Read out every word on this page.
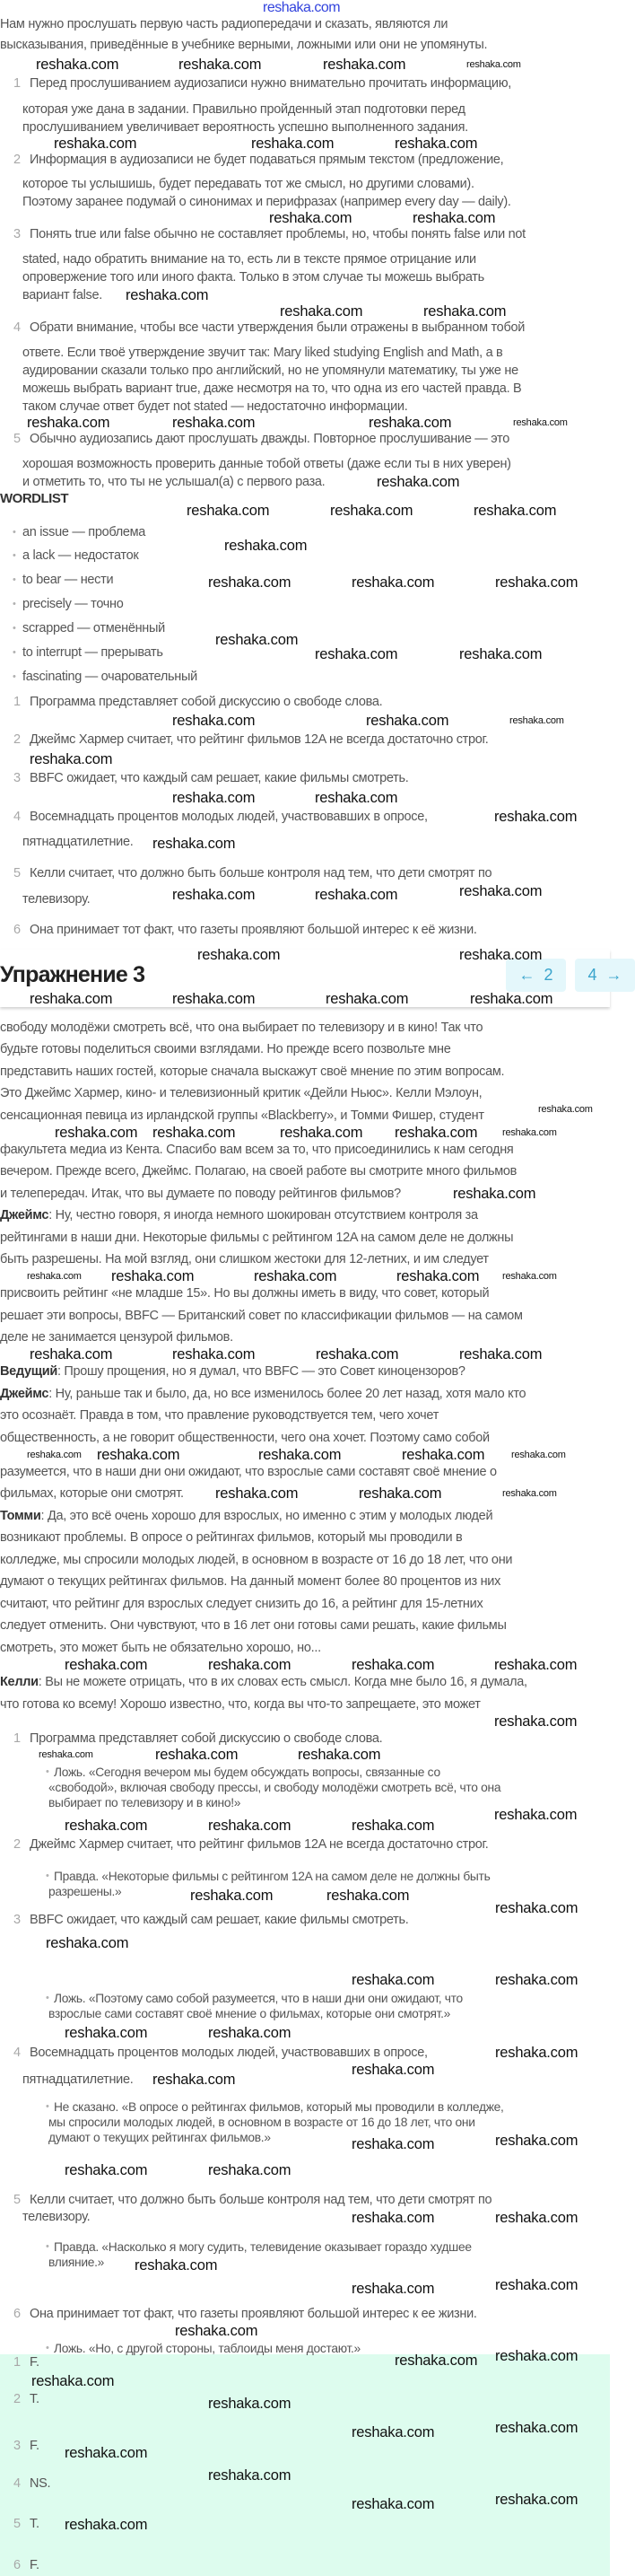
reshaka.com
Упражнение 3	← 2 4 →
Нам нужно прослушать первую часть радиопередачи и сказать, являются ли
высказывания, приведённые в учебнике верными, ложными или они не упомянуты.
1 Перед прослушиванием аудиозаписи нужно внимательно прочитать информацию,
которая уже дана в задании. Правильно пройденный этап подготовки перед
прослушиванием увеличивает вероятность успешно выполненного задания.
2 Информация в аудиозаписи не будет подаваться прямым текстом (предложение,
которое ты услышишь, будет передавать тот же смысл, но другими словами).
Поэтому заранее подумай о синонимах и перифразах (например every day — daily).
3 Понять true или false обычно не составляет проблемы, но, чтобы понять false или not
stated, надо обратить внимание на то, есть ли в тексте прямое отрицание или
опровержение того или иного факта. Только в этом случае ты можешь выбрать
вариант false.
4 Обрати внимание, чтобы все части утверждения были отражены в выбранном тобой
ответе. Если твоё утверждение звучит так: Mary liked studying English and Math, а в
аудировании сказали только про английский, но не упомянули математику, ты уже не
можешь выбрать вариант true, даже несмотря на то, что одна из его частей правда. В
таком случае ответ будет not stated — недостаточно информации.
5 Обычно аудиозапись дают прослушать дважды. Повторное прослушивание — это
хорошая возможность проверить данные тобой ответы (даже если ты в них уверен)
и отметить то, что ты не услышал(а) с первого раза.
WORDLIST
• an issue — проблема
• a lack — недостаток
• to bear — нести
• precisely — точно
• scrapped — отменённый
• to interrupt — прерывать
• fascinating — очаровательный
1 Программа представляет собой дискуссию о свободе слова.
2 Джеймс Хармер считает, что рейтинг фильмов 12A не всегда достаточно строг.
3 BBFC ожидает, что каждый сам решает, какие фильмы смотреть.
4 Восемнадцать процентов молодых людей, участвовавших в опросе,
пятнадцатилетние.
5 Келли считает, что должно быть больше контроля над тем, что дети смотрят по
телевизору.
6 Она принимает тот факт, что газеты проявляют большой интерес к её жизни.
свободу молодёжи смотреть всё, что она выбирает по телевизору и в кино! Так что
будьте готовы поделиться своими взглядами. Но прежде всего позвольте мне
представить наших гостей, которые сначала выскажут своё мнение по этим вопросам.
Это Джеймс Хармер, кино- и телевизионный критик «Дейли Ньюс». Келли Мэлоун,
сенсационная певица из ирландской группы «Blackberry», и Томми Фишер, студент
факультета медиа из Кента. Спасибо вам всем за то, что присоединились к нам сегодня
вечером. Прежде всего, Джеймс. Полагаю, на своей работе вы смотрите много фильмов
и телепередач. Итак, что вы думаете по поводу рейтингов фильмов?
Джеймс: Ну, честно говоря, я иногда немного шокирован отсутствием контроля за
рейтингами в наши дни. Некоторые фильмы с рейтингом 12A на самом деле не должны
быть разрешены. На мой взгляд, они слишком жестоки для 12-летних, и им следует
присвоить рейтинг «не младше 15». Но вы должны иметь в виду, что совет, который
решает эти вопросы, BBFC — Британский совет по классификации фильмов — на самом
деле не занимается цензурой фильмов.
Ведущий: Прошу прощения, но я думал, что BBFC — это Совет киноцензоров?
Джеймс: Ну, раньше так и было, да, но все изменилось более 20 лет назад, хотя мало кто
это осознаёт. Правда в том, что правление руководствуется тем, чего хочет
общественность, а не говорит общественности, чего она хочет. Поэтому само собой
разумеется, что в наши дни они ожидают, что взрослые сами составят своё мнение о
фильмах, которые они смотрят.
Томми: Да, это всё очень хорошо для взрослых, но именно с этим у молодых людей
возникают проблемы. В опросе о рейтингах фильмов, который мы проводили в
колледже, мы спросили молодых людей, в основном в возрасте от 16 до 18 лет, что они
думают о текущих рейтингах фильмов. На данный момент более 80 процентов из них
считают, что рейтинг для взрослых следует снизить до 16, а рейтинг для 15-летних
следует отменить. Они чувствуют, что в 16 лет они готовы сами решать, какие фильмы
смотреть, это может быть не обязательно хорошо, но...
Келли: Вы не можете отрицать, что в их словах есть смысл. Когда мне было 16, я думала,
что готова ко всему! Хорошо известно, что, когда вы что-то запрещаете, это может
1 Программа представляет собой дискуссию о свободе слова.
• Ложь. «Сегодня вечером мы будем обсуждать вопросы, связанные со
«свободой», включая свободу прессы, и свободу молодёжи смотреть всё, что она
выбирает по телевизору и в кино!»
2 Джеймс Хармер считает, что рейтинг фильмов 12A не всегда достаточно строг.
• Правда. «Некоторые фильмы с рейтингом 12A на самом деле не должны быть
разрешены.»
3 BBFC ожидает, что каждый сам решает, какие фильмы смотреть.
• Ложь. «Поэтому само собой разумеется, что в наши дни они ожидают, что
взрослые сами составят своё мнение о фильмах, которые они смотрят.»
4 Восемнадцать процентов молодых людей, участвовавших в опросе,
пятнадцатилетние.
• Не сказано. «В опросе о рейтингах фильмов, который мы проводили в колледже,
мы спросили молодых людей, в основном в возрасте от 16 до 18 лет, что они
думают о текущих рейтингах фильмов.»
5 Келли считает, что должно быть больше контроля над тем, что дети смотрят по
телевизору.
• Правда. «Насколько я могу судить, телевидение оказывает гораздо худшее
влияние.»
6 Она принимает тот факт, что газеты проявляют большой интерес к ее жизни.
• Ложь. «Но, с другой стороны, таблоиды меня достают.»
1 F.
2 T.
3 F.
4 NS.
5 T.
6 F.
reshaka.com	reshaka.com	reshaka.com	reshaka.com
reshaka.com	reshaka.com	reshaka.com
reshaka.com	reshaka.com
reshaka.com
reshaka.com	reshaka.com
reshaka.com	reshaka.com	reshaka.com	reshaka.com
reshaka.com
reshaka.com	reshaka.com	reshaka.com
reshaka.com
reshaka.com	reshaka.com	reshaka.com
reshaka.com
reshaka.com	reshaka.com
reshaka.com	reshaka.com	reshaka.com
reshaka.com
reshaka.com	reshaka.com
reshaka.com
reshaka.com
reshaka.com	reshaka.com	reshaka.com
reshaka.com	reshaka.com
reshaka.com	reshaka.com	reshaka.com	reshaka.com
reshaka.com
reshaka.com reshaka.com	reshaka.com reshaka.com	reshaka.com
reshaka.com
reshaka.com reshaka.com	reshaka.com	reshaka.com reshaka.com
reshaka.com	reshaka.com	reshaka.com	reshaka.com
reshaka.com reshaka.com	reshaka.com	reshaka.com	reshaka.com
reshaka.com	reshaka.com	reshaka.com
reshaka.com	reshaka.com	reshaka.com	reshaka.com
reshaka.com
reshaka.com	reshaka.com	reshaka.com
reshaka.com
reshaka.com	reshaka.com	reshaka.com
reshaka.com	reshaka.com
reshaka.com
reshaka.com
reshaka.com	reshaka.com
reshaka.com	reshaka.com
reshaka.com
reshaka.com
reshaka.com
reshaka.com	reshaka.com
reshaka.com	reshaka.com
reshaka.com	reshaka.com
reshaka.com
reshaka.com	reshaka.com
reshaka.com
reshaka.com reshaka.com
reshaka.com
reshaka.com
reshaka.com	reshaka.com
reshaka.com
reshaka.com
reshaka.com	reshaka.com
reshaka.com
